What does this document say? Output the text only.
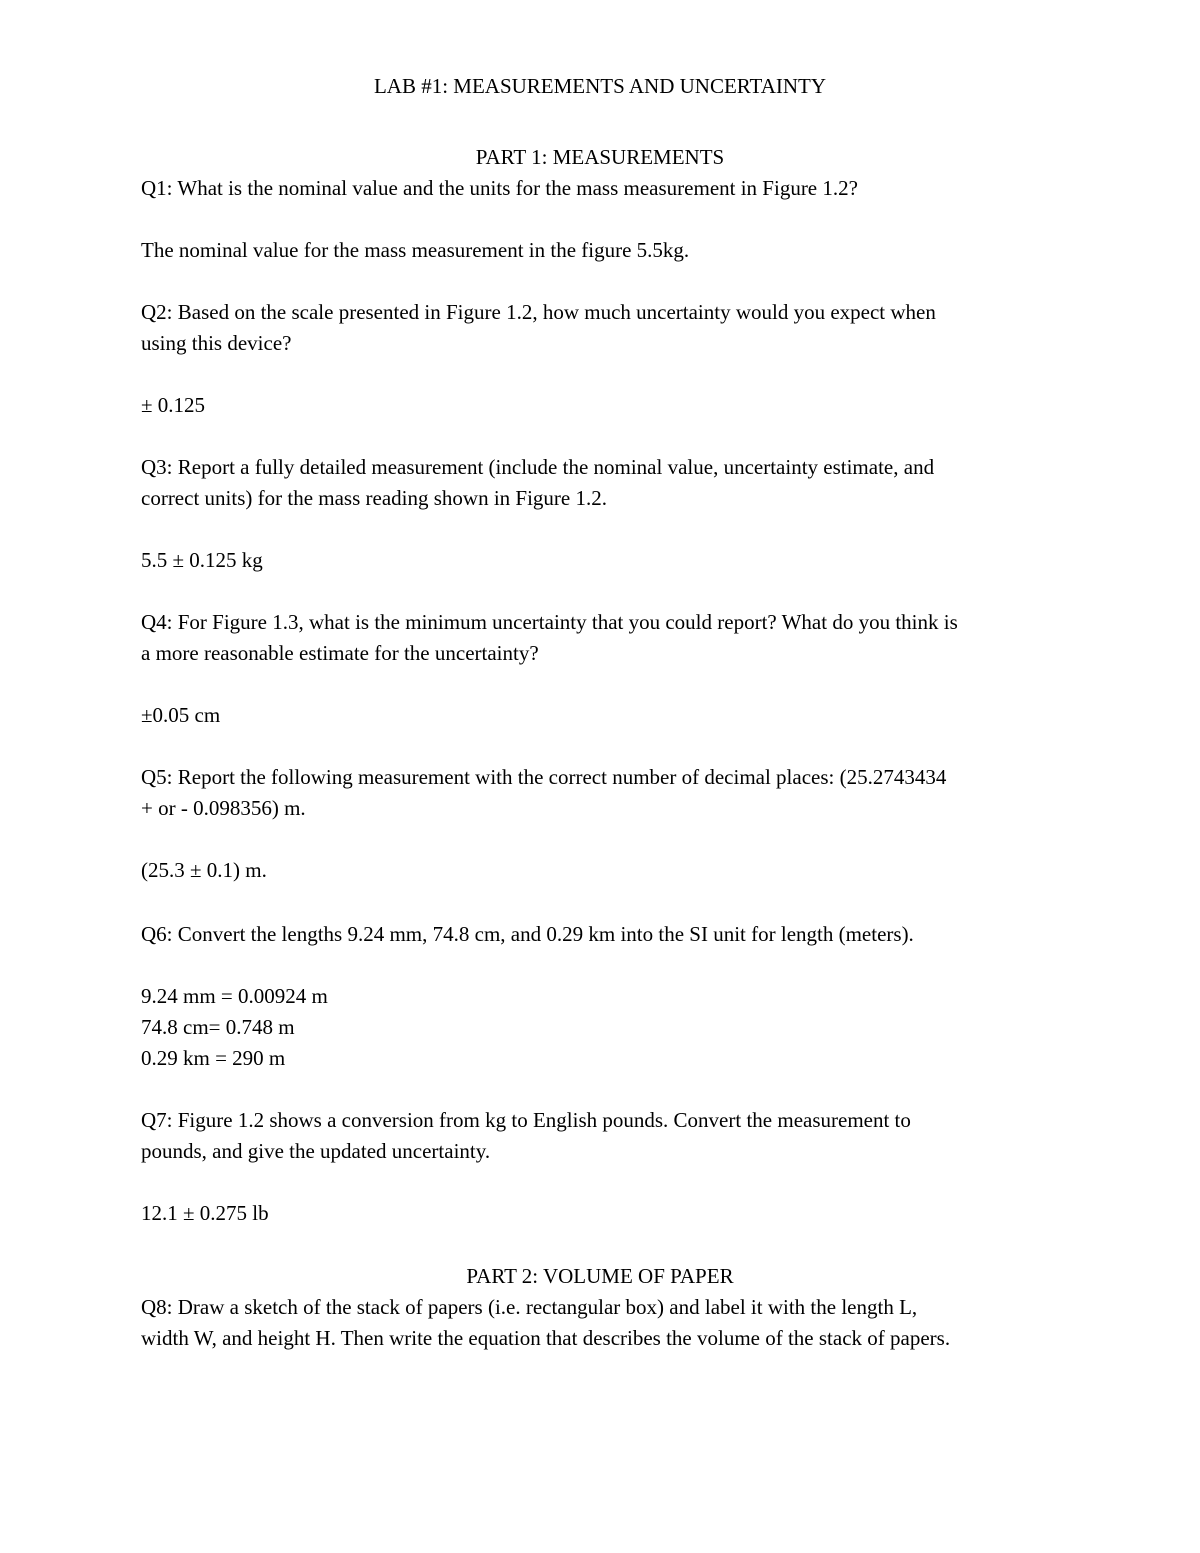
LAB #1: MEASUREMENTS AND UNCERTAINTY

PART 1: MEASUREMENTS

Q1: What is the nominal value and the units for the mass measurement in Figure 1.2?

The nominal value for the mass measurement in the figure 5.5kg.

Q2: Based on the scale presented in Figure 1.2, how much uncertainty would you expect when

using this device?

± 0.125

Q3: Report a fully detailed measurement (include the nominal value, uncertainty estimate, and

correct units) for the mass reading shown in Figure 1.2.

5.5 ± 0.125 kg

Q4: For Figure 1.3, what is the minimum uncertainty that you could report? What do you think is

a more reasonable estimate for the uncertainty?

±0.05 cm

Q5: Report the following measurement with the correct number of decimal places: (25.2743434

+ or - 0.098356) m.

(25.3 ± 0.1) m.

Q6: Convert the lengths 9.24 mm, 74.8 cm, and 0.29 km into the SI unit for length (meters).

9.24 mm = 0.00924 m

74.8 cm= 0.748 m

0.29 km = 290 m

Q7: Figure 1.2 shows a conversion from kg to English pounds. Convert the measurement to

pounds, and give the updated uncertainty.

12.1 ± 0.275 lb

PART 2: VOLUME OF PAPER

Q8: Draw a sketch of the stack of papers (i.e. rectangular box) and label it with the length L,

width W, and height H. Then write the equation that describes the volume of the stack of papers.
